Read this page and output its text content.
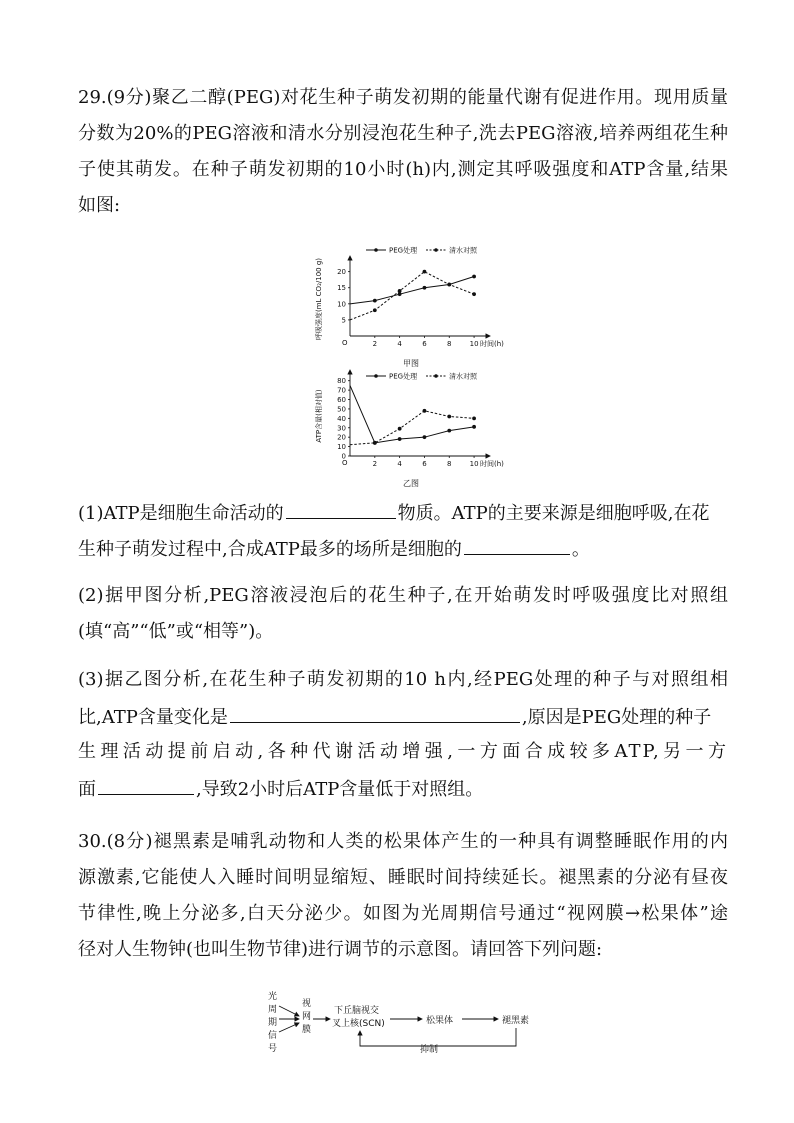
29.(9分)聚乙二醇(PEG)对花生种子萌发初期的能量代谢有促进作用。现用质量
分数为20%的PEG溶液和清水分别浸泡花生种子,洗去PEG溶液,培养两组花生种
子使其萌发。在种子萌发初期的10小时(h)内,测定其呼吸强度和ATP含量,结果
如图:
O	2	4	6	8	10
5
10
15
20
时间(h)
呼吸强度(mL CO₂/100 g)
甲图
PEG处理	清水对照
O	2	4	6	8	10
0
10
20
30
40
50
60
70
80
时间(h)
ATP含量(相对值)
乙图
PEG处理	清水对照
(1)ATP是细胞生命活动的	物质。ATP的主要来源是细胞呼吸,在花
生种子萌发过程中,合成ATP最多的场所是细胞的	。
(2)据甲图分析,PEG溶液浸泡后的花生种子,在开始萌发时呼吸强度比对照组
(填“高”“低”或“相等”)。
(3)据乙图分析,在花生种子萌发初期的10 h内,经PEG处理的种子与对照组相
比,ATP含量变化是	,原因是PEG处理的种子
生理活动提前启动,各种代谢活动增强,一方面合成较多ATP,另一方
面	,导致2小时后ATP含量低于对照组。
30.(8分)褪黑素是哺乳动物和人类的松果体产生的一种具有调整睡眠作用的内
源激素,它能使人入睡时间明显缩短、睡眠时间持续延长。褪黑素的分泌有昼夜
节律性,晚上分泌多,白天分泌少。如图为光周期信号通过“视网膜→松果体”途
径对人生物钟(也叫生物节律)进行调节的示意图。请回答下列问题:
光
周
期
信
号
视
网
膜
下丘脑视交
叉上核(SCN)	松果体	褪黑素
抑制
